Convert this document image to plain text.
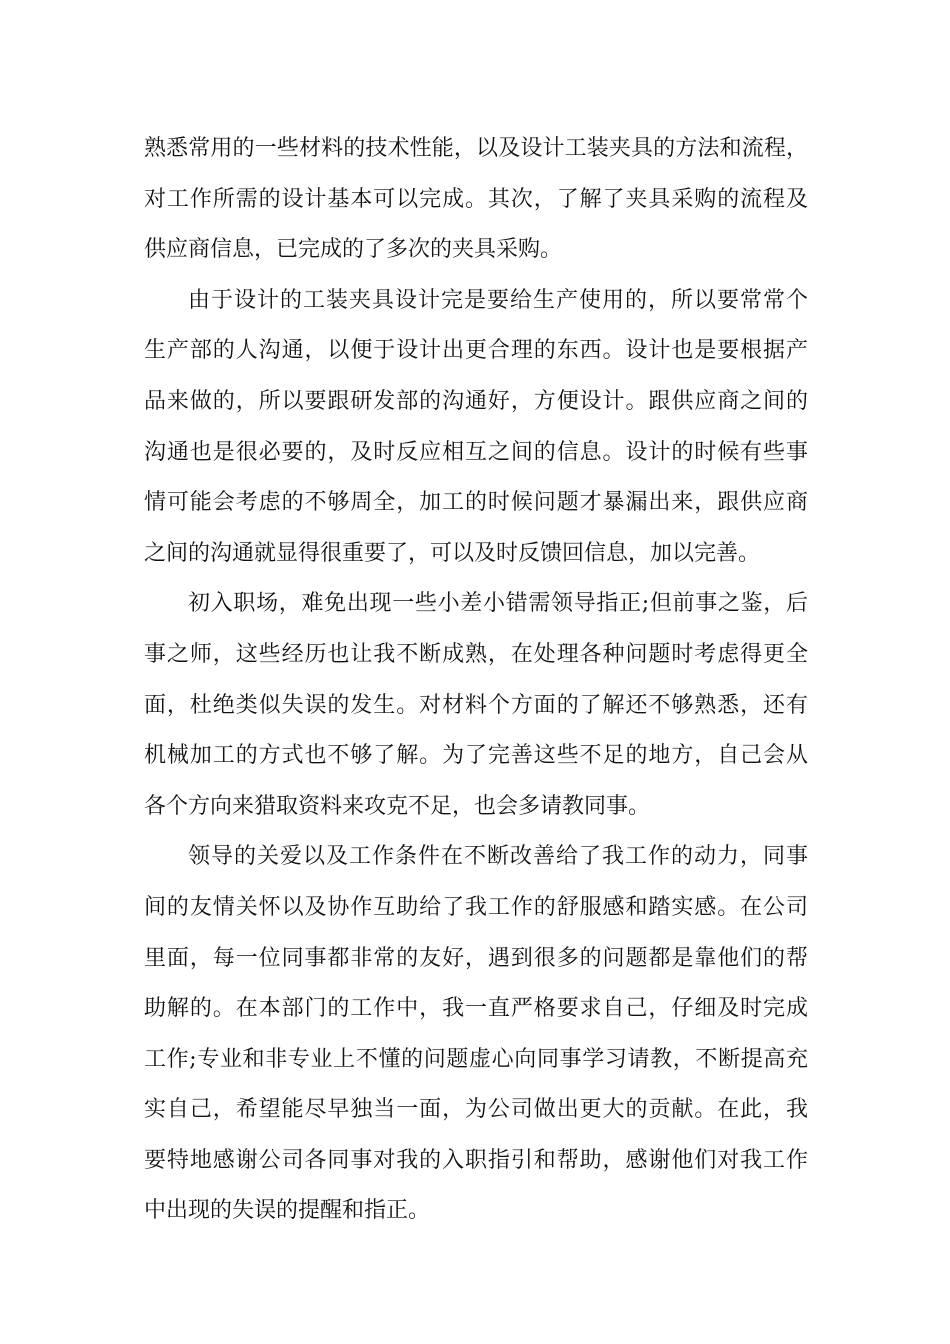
熟悉常用的一些材料的技术性能，以及设计工装夹具的方法和流程，
对工作所需的设计基本可以完成。其次，了解了夹具采购的流程及
供应商信息，已完成的了多次的夹具采购。
由于设计的工装夹具设计完是要给生产使用的，所以要常常个
生产部的人沟通，以便于设计出更合理的东西。设计也是要根据产
品来做的，所以要跟研发部的沟通好，方便设计。跟供应商之间的
沟通也是很必要的，及时反应相互之间的信息。设计的时候有些事
情可能会考虑的不够周全，加工的时候问题才暴漏出来，跟供应商
之间的沟通就显得很重要了，可以及时反馈回信息，加以完善。
初入职场，难免出现一些小差小错需领导指正;但前事之鉴，后
事之师，这些经历也让我不断成熟，在处理各种问题时考虑得更全
面，杜绝类似失误的发生。对材料个方面的了解还不够熟悉，还有
机械加工的方式也不够了解。为了完善这些不足的地方，自己会从
各个方向来猎取资料来攻克不足，也会多请教同事。
领导的关爱以及工作条件在不断改善给了我工作的动力，同事
间的友情关怀以及协作互助给了我工作的舒服感和踏实感。在公司
里面，每一位同事都非常的友好，遇到很多的问题都是靠他们的帮
助解的。在本部门的工作中，我一直严格要求自己，仔细及时完成
工作;专业和非专业上不懂的问题虚心向同事学习请教，不断提高充
实自己，希望能尽早独当一面，为公司做出更大的贡献。在此，我
要特地感谢公司各同事对我的入职指引和帮助，感谢他们对我工作
中出现的失误的提醒和指正。
